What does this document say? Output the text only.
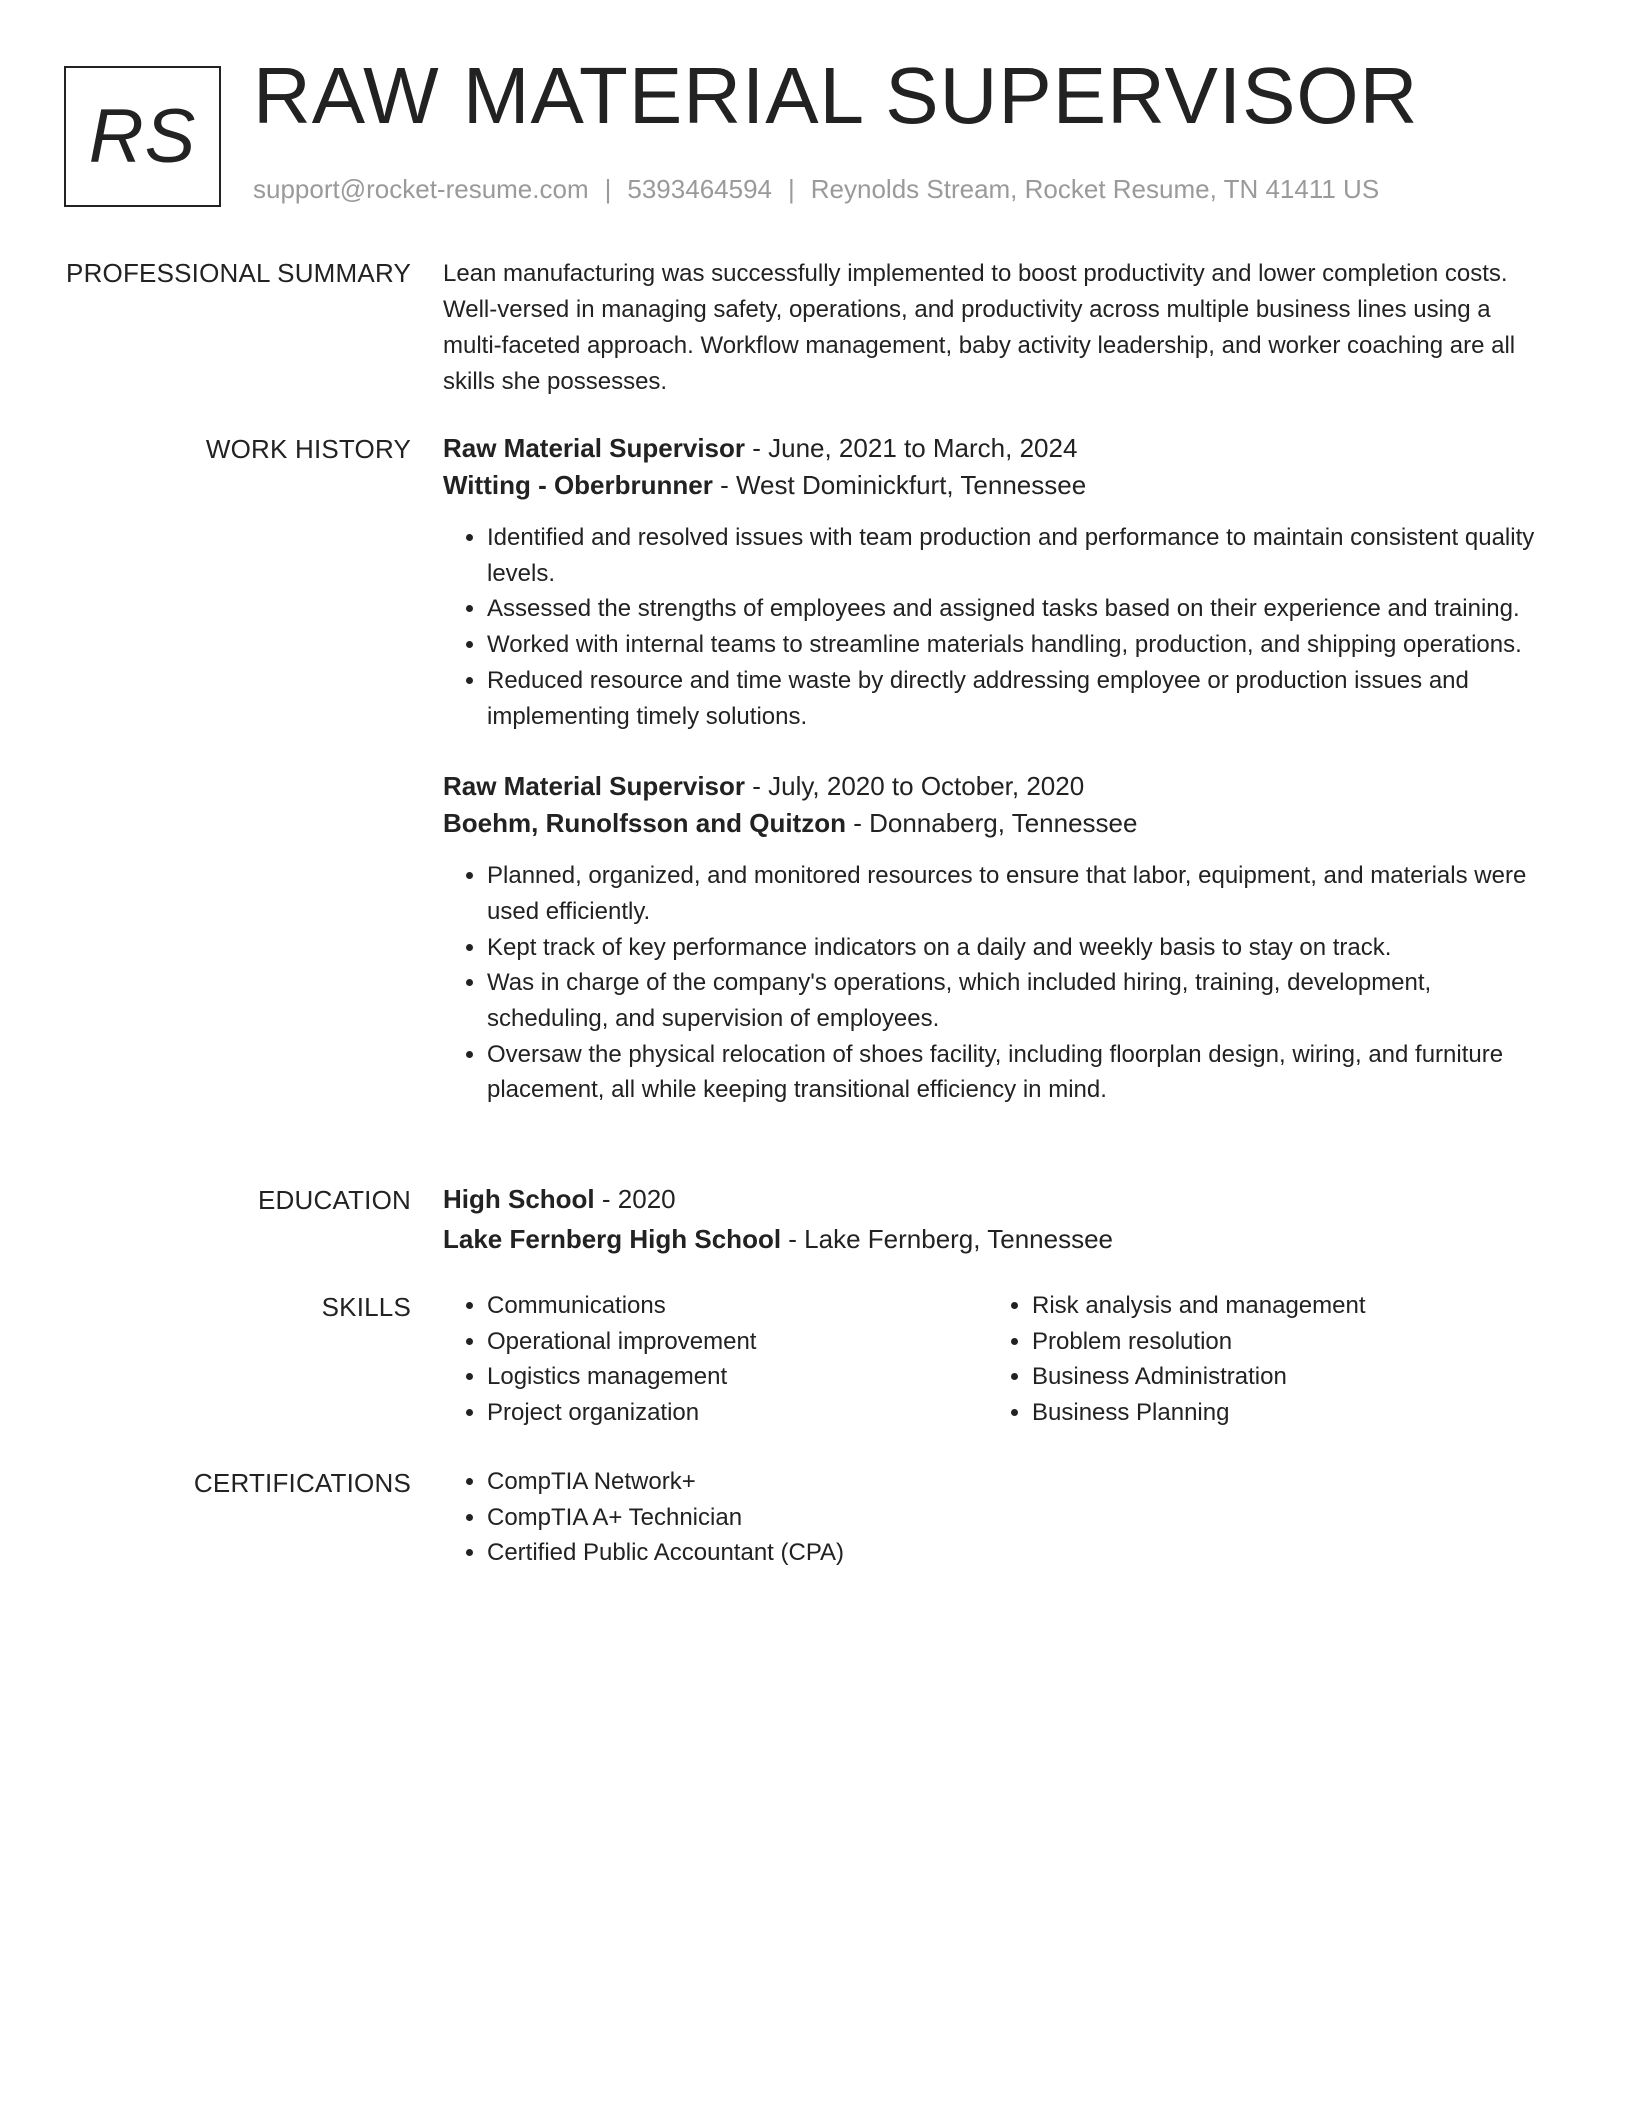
RS RAW MATERIAL SUPERVISOR
support@rocket-resume.com | 5393464594 | Reynolds Stream, Rocket Resume, TN 41411 US
PROFESSIONAL SUMMARY Lean manufacturing was successfully implemented to boost productivity and lower completion costs. Well-versed in managing safety, operations, and productivity across multiple business lines using a multi-faceted approach. Workflow management, baby activity leadership, and worker coaching are all skills she possesses.

WORK HISTORY Raw Material Supervisor - June, 2021 to March, 2024

Witting - Oberbrunner - West Dominickfurt, Tennessee

• Identified and resolved issues with team production and performance to maintain consistent quality levels.
• Assessed the strengths of employees and assigned tasks based on their experience and training.
• Worked with internal teams to streamline materials handling, production, and shipping operations.
• Reduced resource and time waste by directly addressing employee or production issues and implementing timely solutions.

Raw Material Supervisor - July, 2020 to October, 2020

Boehm, Runolfsson and Quitzon - Donnaberg, Tennessee

• Planned, organized, and monitored resources to ensure that labor, equipment, and materials were used efficiently.
• Kept track of key performance indicators on a daily and weekly basis to stay on track.
• Was in charge of the company's operations, which included hiring, training, development, scheduling, and supervision of employees.
• Oversaw the physical relocation of shoes facility, including floorplan design, wiring, and furniture placement, all while keeping transitional efficiency in mind.
EDUCATION High School - 2020

Lake Fernberg High School - Lake Fernberg, Tennessee

SKILLS	• Communications
• Operational improvement
• Logistics management
• Project organization
• Risk analysis and management
• Problem resolution
• Business Administration
• Business Planning
CERTIFICATIONS	• CompTIA Network+
• CompTIA A+ Technician
• Certified Public Accountant (CPA)
